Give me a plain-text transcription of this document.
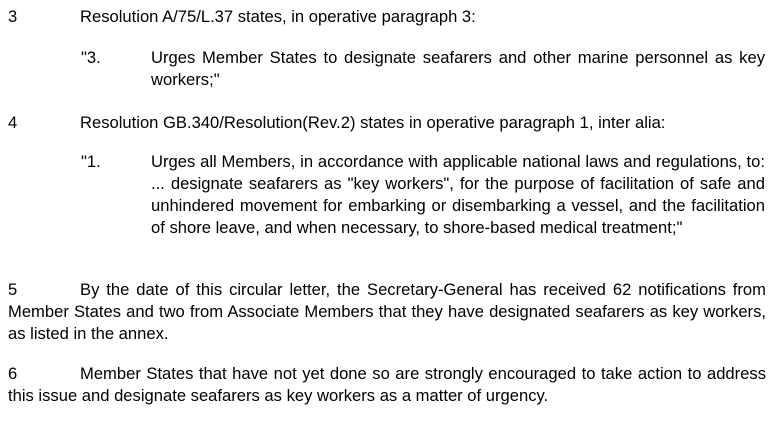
3	Resolution A/75/L.37 states, in operative paragraph 3:
"3.	Urges Member States to designate seafarers and other marine personnel as key workers;"
4	Resolution GB.340/Resolution(Rev.2) states in operative paragraph 1, inter alia:
"1.	Urges all Members, in accordance with applicable national laws and regulations, to: ... designate seafarers as "key workers", for the purpose of facilitation of safe and unhindered movement for embarking or disembarking a vessel, and the facilitation of shore leave, and when necessary, to shore-based medical treatment;"
5	By the date of this circular letter, the Secretary-General has received 62 notifications from Member States and two from Associate Members that they have designated seafarers as key workers, as listed in the annex.
6	Member States that have not yet done so are strongly encouraged to take action to address this issue and designate seafarers as key workers as a matter of urgency.
